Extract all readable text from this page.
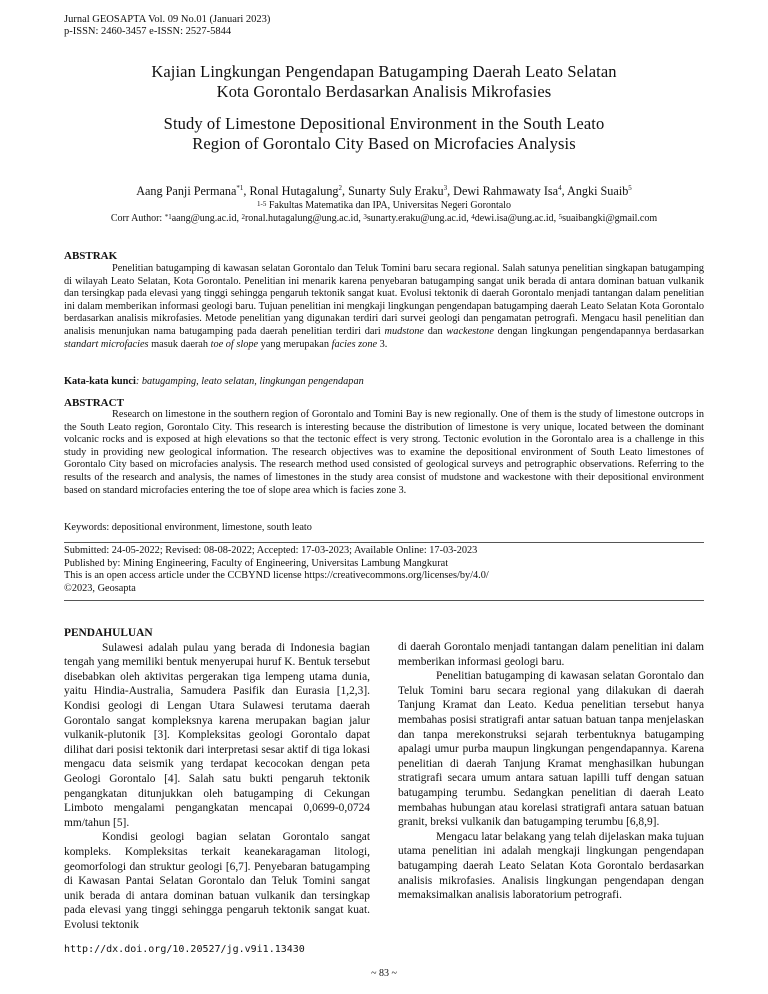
Jurnal GEOSAPTA Vol. 09 No.01 (Januari 2023)
p-ISSN: 2460-3457 e-ISSN: 2527-5844
Kajian Lingkungan Pengendapan Batugamping Daerah Leato Selatan
Kota Gorontalo Berdasarkan Analisis Mikrofasies
Study of Limestone Depositional Environment in the South Leato
Region of Gorontalo City Based on Microfacies Analysis
Aang Panji Permana$^{*1}$, Ronal Hutagalung$^2$, Sunarty Suly Eraku$^3$, Dewi Rahmawaty Isa$^4$, Angki Suaib$^5$
$^{1-5}$ Fakultas Matematika dan IPA, Universitas Negeri Gorontalo
Corr Author: $^{*1}$aang@ung.ac.id, $^2$ronal.hutagalung@ung.ac.id, $^3$sunarty.eraku@ung.ac.id, $^4$dewi.isa@ung.ac.id, $^5$suaibangki@gmail.com
ABSTRAK

Penelitian batugamping di kawasan selatan Gorontalo dan Teluk Tomini baru secara regional. Salah satunya penelitian singkapan batugamping di wilayah Leato Selatan, Kota Gorontalo. Penelitian ini menarik karena penyebaran batugamping sangat unik berada di antara dominan batuan vulkanik dan tersingkap pada elevasi yang tinggi sehingga pengaruh tektonik sangat kuat. Evolusi tektonik di daerah Gorontalo menjadi tantangan dalam penelitian ini dalam memberikan informasi geologi baru. Tujuan penelitian ini mengkaji lingkungan pengendapan batugamping daerah Leato Selatan Kota Gorontalo berdasarkan analisis mikrofasies. Metode penelitian yang digunakan terdiri dari survei geologi dan pengamatan petrografi. Mengacu hasil penelitian dan analisis menunjukan nama batugamping pada daerah penelitian terdiri dari mudstone dan wackestone dengan lingkungan pengendapannya berdasarkan standart microfacies masuk daerah toe of slope yang merupakan facies zone 3.

Kata-kata kunci: batugamping, leato selatan, lingkungan pengendapan
ABSTRACT

Research on limestone in the southern region of Gorontalo and Tomini Bay is new regionally. One of them is the study of limestone outcrops in the South Leato region, Gorontalo City. This research is interesting because the distribution of limestone is very unique, located between the dominant volcanic rocks and is exposed at high elevations so that the tectonic effect is very strong. Tectonic evolution in the Gorontalo area is a challenge in this study in providing new geological information. The research objectives was to examine the depositional environment of South Leato limestones of Gorontalo City based on microfacies analysis. The research method used consisted of geological surveys and petrographic observations. Referring to the results of the research and analysis, the names of limestones in the study area consist of mudstone and wackestone with their depositional environment based on standard microfacies entering the toe of slope area which is facies zone 3.

Keywords: depositional environment, limestone, south leato
Submitted: 24-05-2022; Revised: 08-08-2022; Accepted: 17-03-2023; Available Online: 17-03-2023
Published by: Mining Engineering, Faculty of Engineering, Universitas Lambung Mangkurat
This is an open access article under the CCBYND license https://creativecommons.org/licenses/by/4.0/
©2023, Geosapta
PENDAHULUAN

Sulawesi adalah pulau yang berada di Indonesia bagian tengah yang memiliki bentuk menyerupai huruf K. Bentuk tersebut disebabkan oleh aktivitas pergerakan tiga lempeng utama dunia, yaitu Hindia-Australia, Samudera Pasifik dan Eurasia [1,2,3]. Kondisi geologi di Lengan Utara Sulawesi terutama daerah Gorontalo sangat kompleksnya karena merupakan bagian jalur vulkanik-plutonik [3]. Kompleksitas geologi Gorontalo dapat dilihat dari posisi tektonik dari interpretasi sesar aktif di tiga lokasi mengacu data seismik yang terdapat kecocokan dengan peta Geologi Gorontalo [4]. Salah satu bukti pengaruh tektonik pengangkatan ditunjukkan oleh batugamping di Cekungan Limboto mengalami pengangkatan mencapai 0,0699-0,0724 mm/tahun [5].

Kondisi geologi bagian selatan Gorontalo sangat kompleks. Kompleksitas terkait keanekaragaman litologi, geomorfologi dan struktur geologi [6,7]. Penyebaran batugamping di Kawasan Pantai Selatan Gorontalo dan Teluk Tomini sangat unik berada di antara dominan batuan vulkanik dan tersingkap pada elevasi yang tinggi sehingga pengaruh tektonik sangat kuat. Evolusi tektonik

di daerah Gorontalo menjadi tantangan dalam penelitian ini dalam memberikan informasi geologi baru.

Penelitian batugamping di kawasan selatan Gorontalo dan Teluk Tomini baru secara regional yang dilakukan di daerah Tanjung Kramat dan Leato. Kedua penelitian tersebut hanya membahas posisi stratigrafi antar satuan batuan tanpa menjelaskan dan tanpa merekonstruksi sejarah terbentuknya batugamping apalagi umur purba maupun lingkungan pengendapannya. Karena penelitian di daerah Tanjung Kramat menghasilkan hubungan stratigrafi secara umum antara satuan lapilli tuff dengan satuan batugamping terumbu. Sedangkan penelitian di daerah Leato membahas hubungan atau korelasi stratigrafi antara satuan batuan granit, breksi vulkanik dan batugamping terumbu [6,8,9].

Mengacu latar belakang yang telah dijelaskan maka tujuan utama penelitian ini adalah mengkaji lingkungan pengendapan batugamping daerah Leato Selatan Kota Gorontalo berdasarkan analisis mikrofasies. Analisis lingkungan pengendapan dengan memaksimalkan analisis laboratorium petrografi.

http://dx.doi.org/10.20527/jg.v9i1.13430
~ 83 ~
